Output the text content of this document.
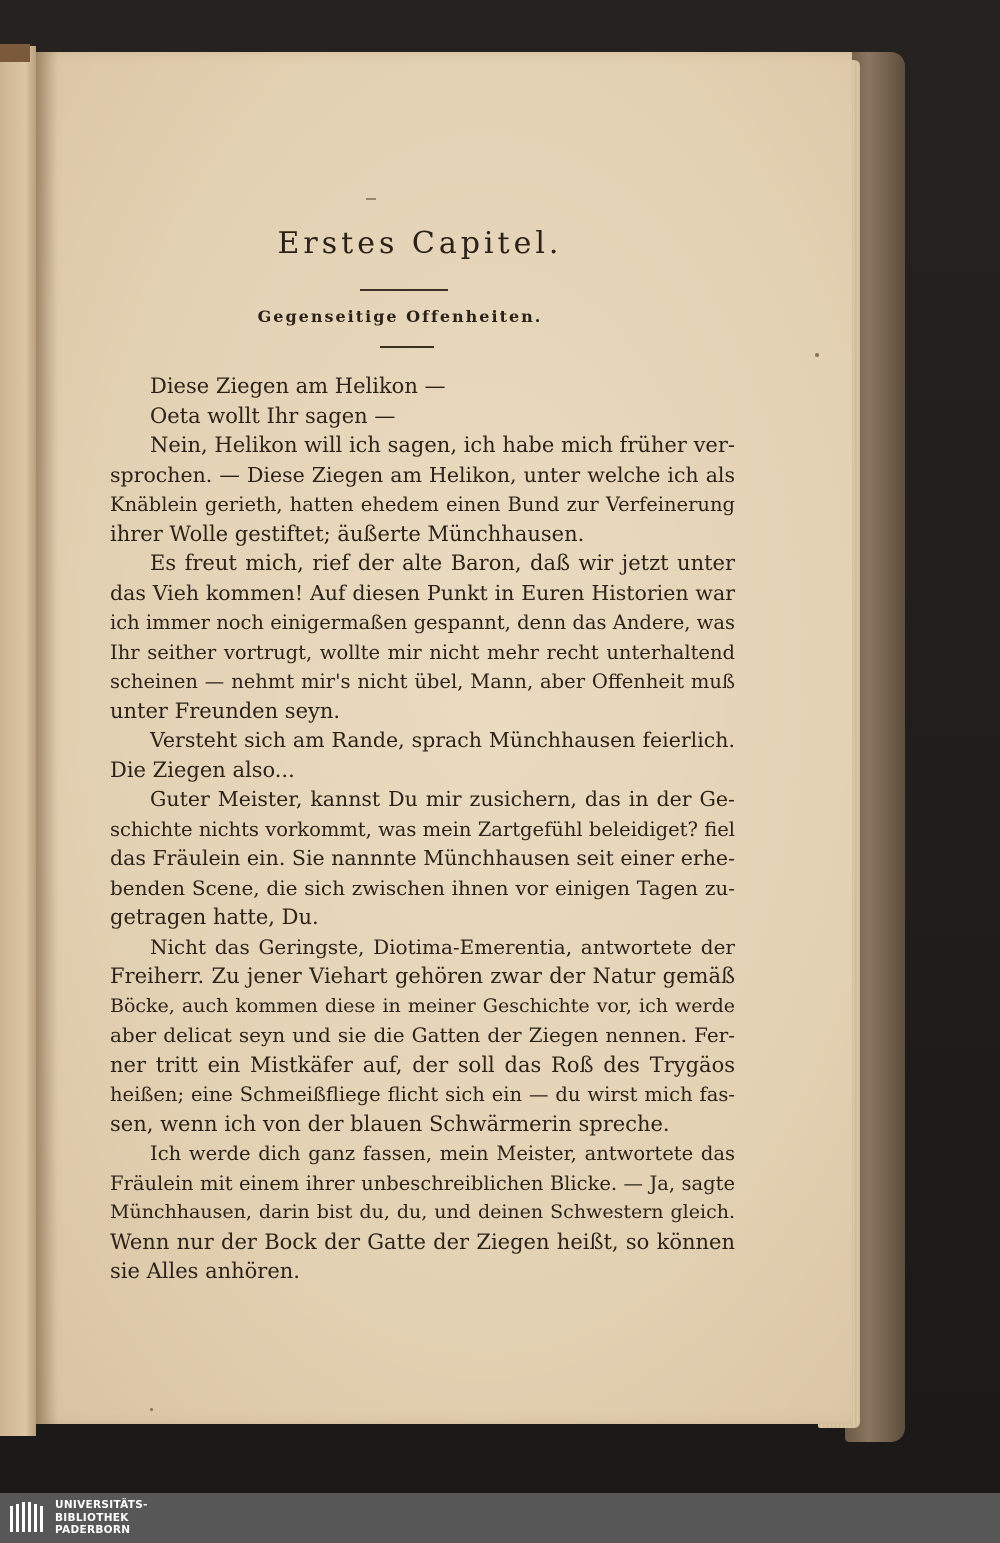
Erstes Capitel.
Gegenseitige Offenheiten.
Diese Ziegen am Helikon —
Oeta wollt Ihr sagen —
Nein, Helikon will ich sagen, ich habe mich früher ver-
sprochen. — Diese Ziegen am Helikon, unter welche ich als
Knäblein gerieth, hatten ehedem einen Bund zur Verfeinerung
ihrer Wolle gestiftet; äußerte Münchhausen.
Es freut mich, rief der alte Baron, daß wir jetzt unter
das Vieh kommen! Auf diesen Punkt in Euren Historien war
ich immer noch einigermaßen gespannt, denn das Andere, was
Ihr seither vortrugt, wollte mir nicht mehr recht unterhaltend
scheinen — nehmt mir's nicht übel, Mann, aber Offenheit muß
unter Freunden seyn.
Versteht sich am Rande, sprach Münchhausen feierlich.
Die Ziegen also...
Guter Meister, kannst Du mir zusichern, das in der Ge-
schichte nichts vorkommt, was mein Zartgefühl beleidiget? fiel
das Fräulein ein. Sie nannnte Münchhausen seit einer erhe-
benden Scene, die sich zwischen ihnen vor einigen Tagen zu-
getragen hatte, Du.
Nicht das Geringste, Diotima-Emerentia, antwortete der
Freiherr. Zu jener Viehart gehören zwar der Natur gemäß
Böcke, auch kommen diese in meiner Geschichte vor, ich werde
aber delicat seyn und sie die Gatten der Ziegen nennen. Fer-
ner tritt ein Mistkäfer auf, der soll das Roß des Trygäos
heißen; eine Schmeißfliege flicht sich ein — du wirst mich fas-
sen, wenn ich von der blauen Schwärmerin spreche.
Ich werde dich ganz fassen, mein Meister, antwortete das
Fräulein mit einem ihrer unbeschreiblichen Blicke. — Ja, sagte
Münchhausen, darin bist du, du, und deinen Schwestern gleich.
Wenn nur der Bock der Gatte der Ziegen heißt, so können
sie Alles anhören.
UNIVERSITÄTS-
BIBLIOTHEK
PADERBORN
